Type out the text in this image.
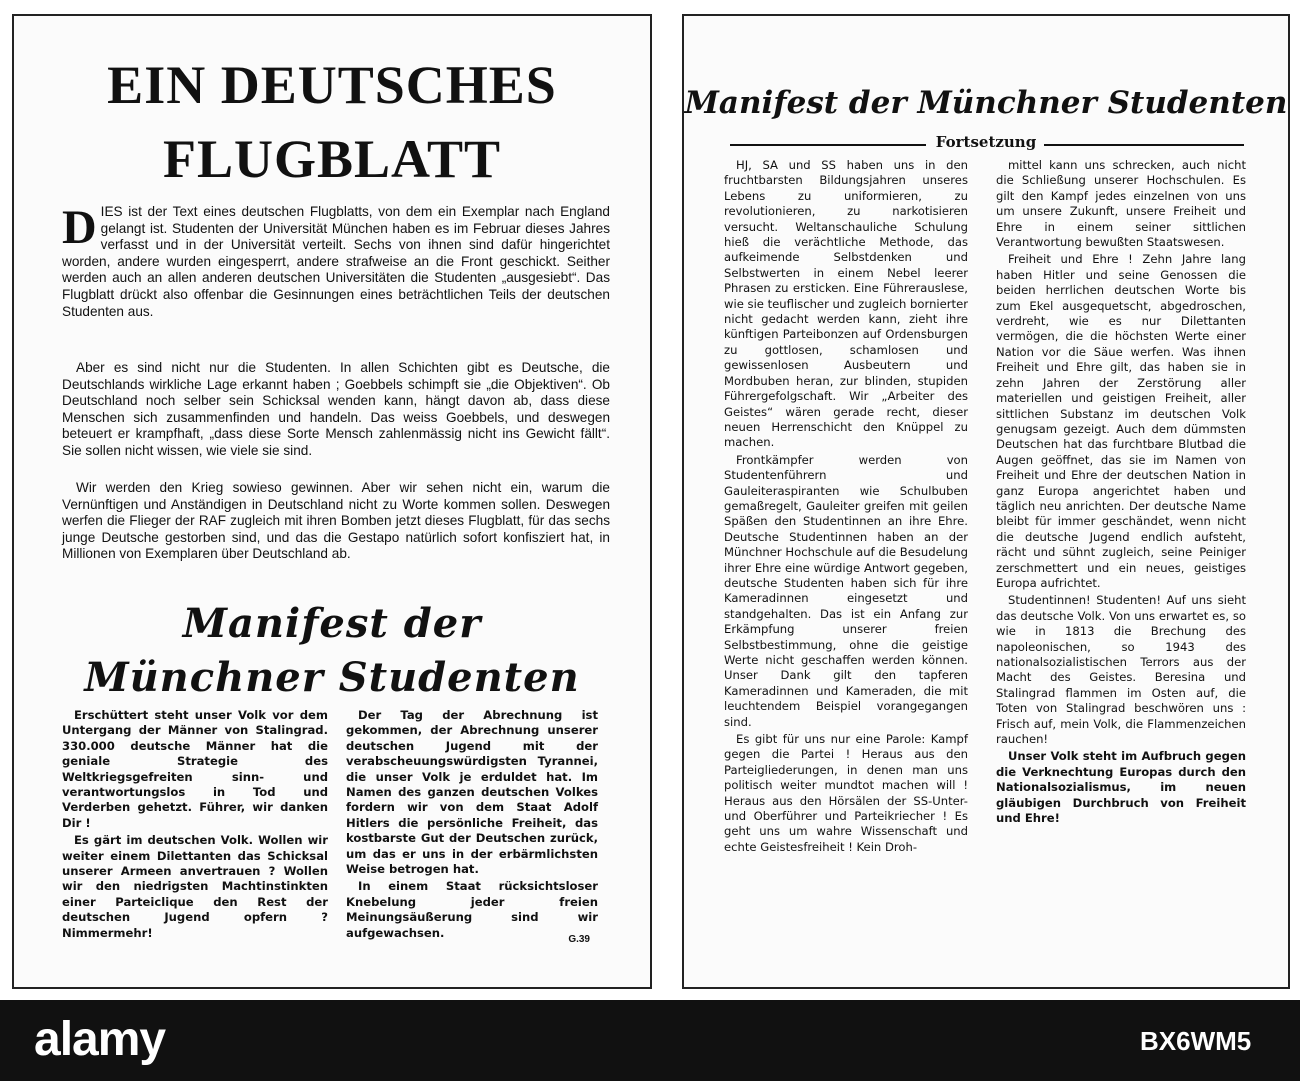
EIN DEUTSCHES
FLUGBLATT

DIES ist der Text eines deutschen Flugblatts, von dem ein Exemplar nach England gelangt ist. Studenten der Universität München haben es im Februar dieses Jahres verfasst und in der Universität verteilt. Sechs von ihnen sind dafür hingerichtet worden, andere wurden eingesperrt, andere strafweise an die Front geschickt. Seither werden auch an allen anderen deutschen Universitäten die Studenten „ausgesiebt“. Das Flugblatt drückt also offenbar die Gesinnungen eines beträchtlichen Teils der deutschen Studenten aus.

Aber es sind nicht nur die Studenten. In allen Schichten gibt es Deutsche, die Deutschlands wirkliche Lage erkannt haben ; Goebbels schimpft sie „die Objektiven“. Ob Deutschland noch selber sein Schicksal wenden kann, hängt davon ab, dass diese Menschen sich zusammenfinden und handeln. Das weiss Goebbels, und deswegen beteuert er krampfhaft, „dass diese Sorte Mensch zahlenmässig nicht ins Gewicht fällt“. Sie sollen nicht wissen, wie viele sie sind.

Wir werden den Krieg sowieso gewinnen. Aber wir sehen nicht ein, warum die Vernünftigen und Anständigen in Deutschland nicht zu Worte kommen sollen. Deswegen werfen die Flieger der RAF zugleich mit ihren Bomben jetzt dieses Flugblatt, für das sechs junge Deutsche gestorben sind, und das die Gestapo natürlich sofort konfisziert hat, in Millionen von Exemplaren über Deutschland ab.

Manifest der
Münchner Studenten

Erschüttert steht unser Volk vor dem Untergang der Männer von Stalingrad. 330.000 deutsche Männer hat die geniale Strategie des Weltkriegsgefreiten sinn- und verantwortungslos in Tod und Verderben gehetzt. Führer, wir danken Dir !

Es gärt im deutschen Volk. Wollen wir weiter einem Dilettanten das Schicksal unserer Armeen anvertrauen ? Wollen wir den niedrigsten Machtinstinkten einer Parteiclique den Rest der deutschen Jugend opfern ? Nimmermehr!

Der Tag der Abrechnung ist gekommen, der Abrechnung unserer deutschen Jugend mit der verabscheuungswürdigsten Tyrannei, die unser Volk je erduldet hat. Im Namen des ganzen deutschen Volkes fordern wir von dem Staat Adolf Hitlers die persönliche Freiheit, das kostbarste Gut der Deutschen zurück, um das er uns in der erbärmlichsten Weise betrogen hat.

In einem Staat rücksichtsloser Knebelung jeder freien Meinungsäußerung sind wir aufgewachsen.	G.39
Manifest der Münchner Studenten
Fortsetzung

HJ, SA und SS haben uns in den fruchtbarsten Bildungsjahren unseres Lebens zu uniformieren, zu revolutionieren, zu narkotisieren versucht. Weltanschauliche Schulung hieß die verächtliche Methode, das aufkeimende Selbstdenken und Selbstwerten in einem Nebel leerer Phrasen zu ersticken. Eine Führerauslese, wie sie teuflischer und zugleich bornierter nicht gedacht werden kann, zieht ihre künftigen Parteibonzen auf Ordensburgen zu gottlosen, schamlosen und gewissenlosen Ausbeutern und Mordbuben heran, zur blinden, stupiden Führergefolgschaft. Wir „Arbeiter des Geistes“ wären gerade recht, dieser neuen Herrenschicht den Knüppel zu machen.

Frontkämpfer werden von Studentenführern und Gauleiteraspiranten wie Schulbuben gemaßregelt, Gauleiter greifen mit geilen Späßen den Studentinnen an ihre Ehre. Deutsche Studentinnen haben an der Münchner Hochschule auf die Besudelung ihrer Ehre eine würdige Antwort gegeben, deutsche Studenten haben sich für ihre Kameradinnen eingesetzt und standgehalten. Das ist ein Anfang zur Erkämpfung unserer freien Selbstbestimmung, ohne die geistige Werte nicht geschaffen werden können. Unser Dank gilt den tapferen Kameradinnen und Kameraden, die mit leuchtendem Beispiel vorangegangen sind.

Es gibt für uns nur eine Parole: Kampf gegen die Partei ! Heraus aus den Parteigliederungen, in denen man uns politisch weiter mundtot machen will ! Heraus aus den Hörsälen der SS-Unter- und Oberführer und Parteikriecher ! Es geht uns um wahre Wissenschaft und echte Geistesfreiheit ! Kein Droh-

mittel kann uns schrecken, auch nicht die Schließung unserer Hochschulen. Es gilt den Kampf jedes einzelnen von uns um unsere Zukunft, unsere Freiheit und Ehre in einem seiner sittlichen Verantwortung bewußten Staatswesen.

Freiheit und Ehre ! Zehn Jahre lang haben Hitler und seine Genossen die beiden herrlichen deutschen Worte bis zum Ekel ausgequetscht, abgedroschen, verdreht, wie es nur Dilettanten vermögen, die die höchsten Werte einer Nation vor die Säue werfen. Was ihnen Freiheit und Ehre gilt, das haben sie in zehn Jahren der Zerstörung aller materiellen und geistigen Freiheit, aller sittlichen Substanz im deutschen Volk genugsam gezeigt. Auch dem dümmsten Deutschen hat das furchtbare Blutbad die Augen geöffnet, das sie im Namen von Freiheit und Ehre der deutschen Nation in ganz Europa angerichtet haben und täglich neu anrichten. Der deutsche Name bleibt für immer geschändet, wenn nicht die deutsche Jugend endlich aufsteht, rächt und sühnt zugleich, seine Peiniger zerschmettert und ein neues, geistiges Europa aufrichtet.

Studentinnen! Studenten! Auf uns sieht das deutsche Volk. Von uns erwartet es, so wie in 1813 die Brechung des napoleonischen, so 1943 des nationalsozialistischen Terrors aus der Macht des Geistes. Beresina und Stalingrad flammen im Osten auf, die Toten von Stalingrad beschwören uns : Frisch auf, mein Volk, die Flammenzeichen rauchen!

Unser Volk steht im Aufbruch gegen die Verknechtung Europas durch den Nationalsozialismus, im neuen gläubigen Durchbruch von Freiheit und Ehre!

alamy	BX6WM5
